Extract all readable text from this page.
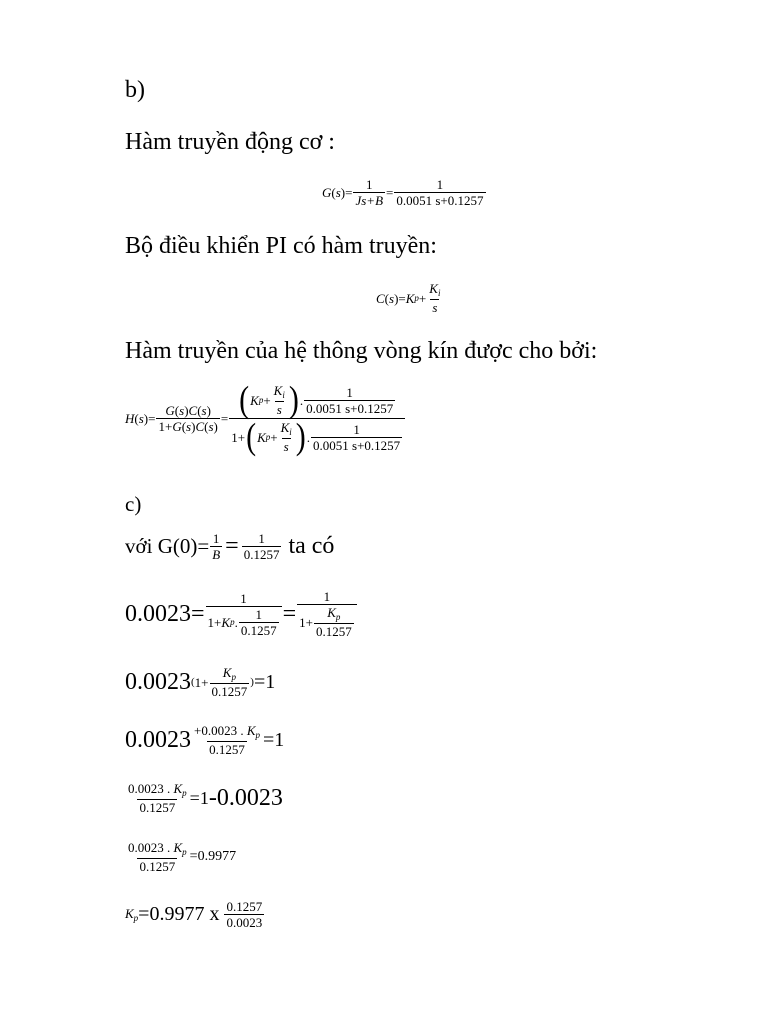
b)
Hàm truyền động cơ :
G ( s )= $\frac{1}{Js+B} = \frac{1}{0.0051 s+0.1257}$
Bộ điều khiển PI có hàm truyền:
C ( s )= K $p + \frac{K_i}{s}$
Hàm truyền của hệ thông vòng kín được cho bởi:
H ( s )= $\frac{G(s)C(s)}{1+G(s)C(s)} = \frac{( K p + \frac{K_i}{s} ) . \frac{1}{0.0051 s+0.1257}}{1+ ( K p + \frac{K_i}{s} ) . \frac{1}{0.0051 s+0.1257}}$
c)
với $G(0)= \frac{1}{B} = \frac{1}{0.1257}$ ta có
$0.0023= \frac{1}{1+ K p . \frac{1}{0.1257}} = \frac{1}{1+ \frac{K_p}{0.1257}}$
0.0023 ( $1+ \frac{K_p}{0.1257}$ ) =1
$0.0023 \frac{+0.0023 . K_p}{0.1257} =1$
$\frac{0.0023 . K_p}{0.1257} =1$ -0.0023
$\frac{0.0023 . K_p}{0.1257} =0.9977$
$K_p =0.9977$ x $\frac{0.1257}{0.0023}$
